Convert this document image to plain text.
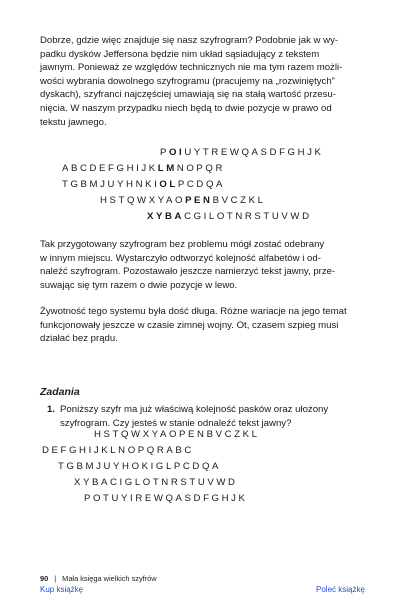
Dobrze, gdzie więc znajduje się nasz szyfrogram? Podobnie jak w wy-
padku dysków Jeffersona będzie nim układ sąsiadujący z tekstem
jawnym. Ponieważ ze względów technicznych nie ma tym razem możli-
wości wybrania dowolnego szyfrogramu (pracujemy na „rozwiniętych”
dyskach), szyfranci najczęściej umawiają się na stałą wartość przesu-
nięcia. W naszym przypadku niech będą to dwie pozycje w prawo od
tekstu jawnego.
POIUYTREWQASDFGHJK
ABCDEFGHIJKLMNOPQR
TGBMJUYHNKIOLPCDQA
HSTQWXYAOPENBVCZKL
XYBACGILOTNRSTUVWD
Tak przygotowany szyfrogram bez problemu mógł zostać odebrany
w innym miejscu. Wystarczyło odtworzyć kolejność alfabetów i od-
naleźć szyfrogram. Pozostawało jeszcze namierzyć tekst jawny, prze-
suwając się tym razem o dwie pozycje w lewo.
Żywotność tego systemu była dość długa. Różne wariacje na jego temat
funkcjonowały jeszcze w czasie zimnej wojny. Ot, czasem szpieg musi
działać bez prądu.
Zadania
1. Poniższy szyfr ma już właściwą kolejność pasków oraz ułożony
szyfrogram. Czy jesteś w stanie odnaleźć tekst jawny?
HSTQWXYAOPENBVCZKL
DEFGHIJKLNOPQRABC
TGBMJUYHOKIGLPCDQA
XYBACIGLOTNRSTUVWD
POTUYIREWQASDFGHJK
90 | Mała księga wielkich szyfrów
Kup książkę	Poleć książkę
